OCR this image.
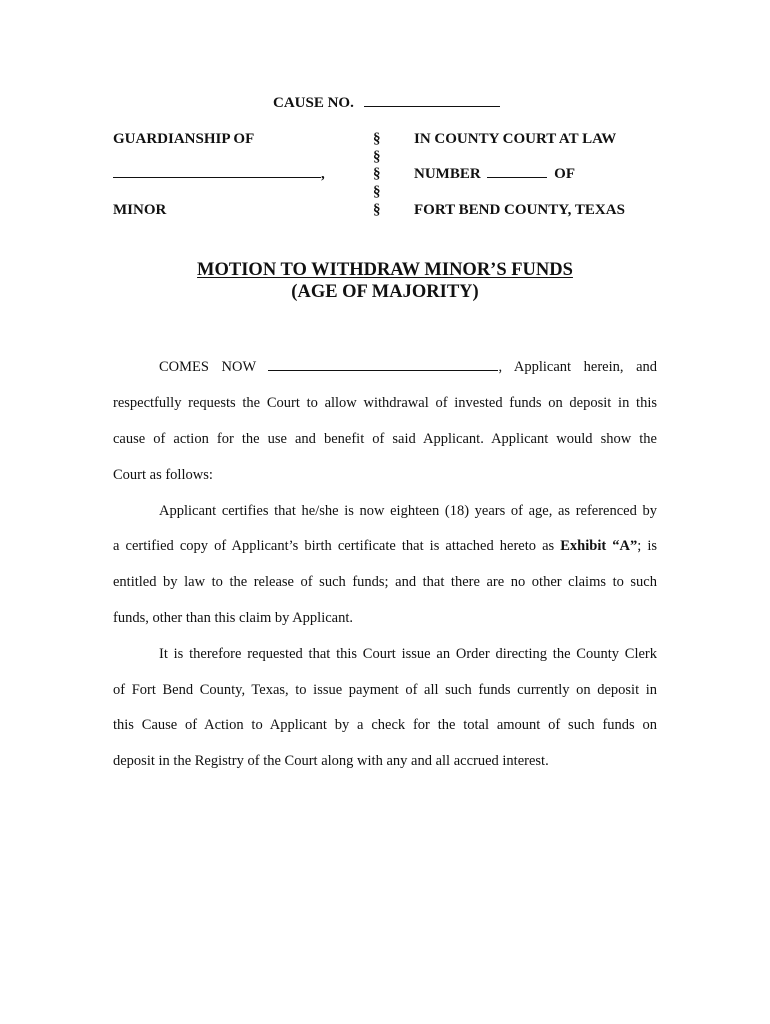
CAUSE NO.
GUARDIANSHIP OF
,
MINOR
§
§
§
§
§
IN COUNTY COURT AT LAW
NUMBER	OF
FORT BEND COUNTY, TEXAS
MOTION TO WITHDRAW MINOR’S FUNDS
(AGE OF MAJORITY)
COMES NOW	, Applicant herein, and
respectfully requests the Court to allow withdrawal of invested funds on deposit in this
cause of action for the use and benefit of said Applicant. Applicant would show the
Court as follows:
Applicant certifies that he/she is now eighteen (18) years of age, as referenced by
a certified copy of Applicant’s birth certificate that is attached hereto as Exhibit “A”; is
entitled by law to the release of such funds; and that there are no other claims to such
funds, other than this claim by Applicant.
It is therefore requested that this Court issue an Order directing the County Clerk
of Fort Bend County, Texas, to issue payment of all such funds currently on deposit in
this Cause of Action to Applicant by a check for the total amount of such funds on
deposit in the Registry of the Court along with any and all accrued interest.
